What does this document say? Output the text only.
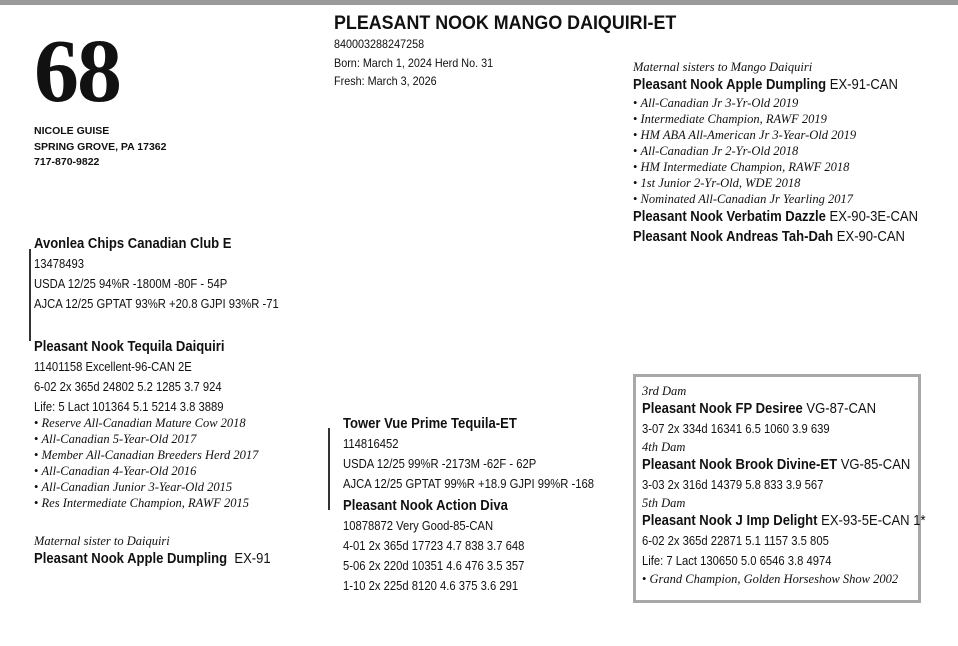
68
NICOLE GUISE
SPRING GROVE, PA 17362
717-870-9822
PLEASANT NOOK MANGO DAIQUIRI-ET
840003288247258
Born: March 1, 2024 Herd No. 31
Fresh: March 3, 2026
Avonlea Chips Canadian Club E
13478493
USDA 12/25 94%R -1800M -80F - 54P
AJCA 12/25 GPTAT 93%R +20.8 GJPI 93%R -71
Pleasant Nook Tequila Daiquiri
11401158 Excellent-96-CAN 2E
6-02 2x 365d 24802 5.2 1285 3.7 924
Life: 5 Lact 101364 5.1 5214 3.8 3889
• Reserve All-Canadian Mature Cow 2018
• All-Canadian 5-Year-Old 2017
• Member All-Canadian Breeders Herd 2017
• All-Canadian 4-Year-Old 2016
• All-Canadian Junior 3-Year-Old 2015
• Res Intermediate Champion, RAWF 2015
Maternal sister to Daiquiri
Pleasant Nook Apple Dumpling EX-91
Tower Vue Prime Tequila-ET
114816452
USDA 12/25 99%R -2173M -62F - 62P
AJCA 12/25 GPTAT 99%R +18.9 GJPI 99%R -168
Pleasant Nook Action Diva
10878872 Very Good-85-CAN
4-01 2x 365d 17723 4.7 838 3.7 648
5-06 2x 220d 10351 4.6 476 3.5 357
1-10 2x 225d 8120 4.6 375 3.6 291
Maternal sisters to Mango Daiquiri
Pleasant Nook Apple Dumpling EX-91-CAN
• All-Canadian Jr 3-Yr-Old 2019
• Intermediate Champion, RAWF 2019
• HM ABA All-American Jr 3-Year-Old 2019
• All-Canadian Jr 2-Yr-Old 2018
• HM Intermediate Champion, RAWF 2018
• 1st Junior 2-Yr-Old, WDE 2018
• Nominated All-Canadian Jr Yearling 2017
Pleasant Nook Verbatim Dazzle EX-90-3E-CAN
Pleasant Nook Andreas Tah-Dah EX-90-CAN
3rd Dam
Pleasant Nook FP Desiree VG-87-CAN
3-07 2x 334d 16341 6.5 1060 3.9 639
4th Dam
Pleasant Nook Brook Divine-ET VG-85-CAN
3-03 2x 316d 14379 5.8 833 3.9 567
5th Dam
Pleasant Nook J Imp Delight EX-93-5E-CAN 1*
6-02 2x 365d 22871 5.1 1157 3.5 805
Life: 7 Lact 130650 5.0 6546 3.8 4974
• Grand Champion, Golden Horseshow Show 2002
